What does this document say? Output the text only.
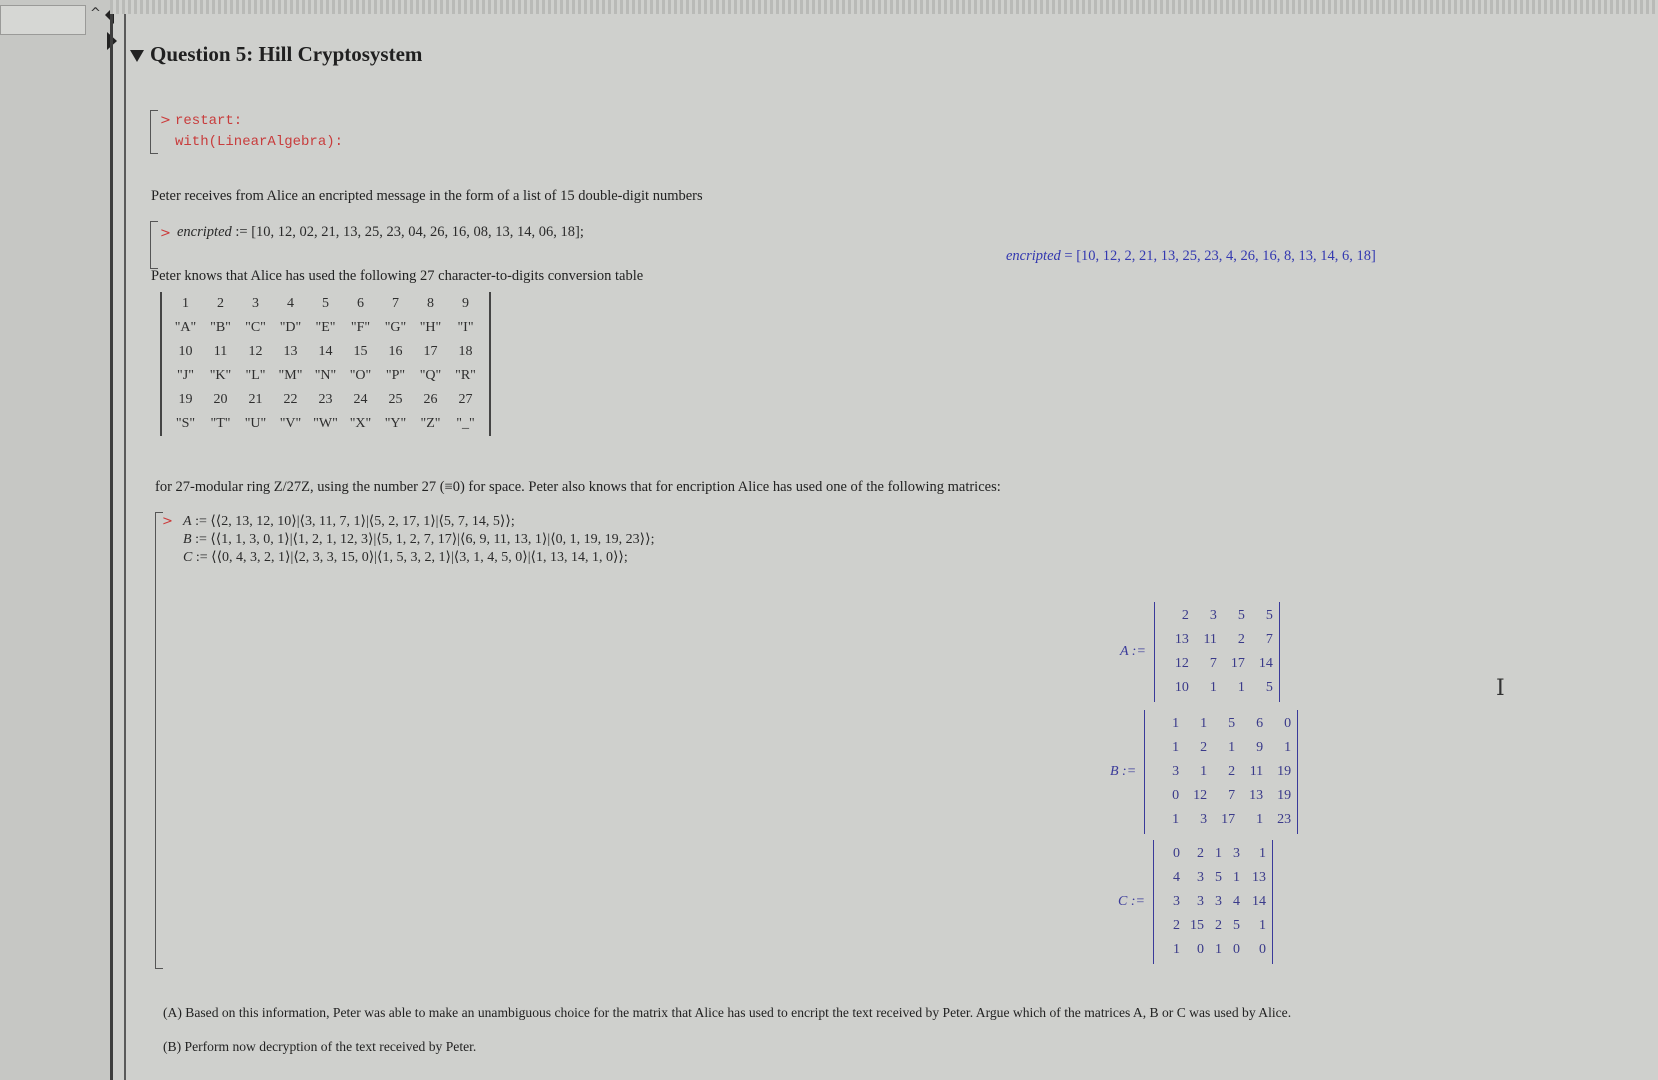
^
Question 5: Hill Cryptosystem
> restart:
with(LinearAlgebra):
Peter receives from Alice an encripted message in the form of a list of 15 double-digit numbers
> encripted := [10, 12, 02, 21, 13, 25, 23, 04, 26, 16, 08, 13, 14, 06, 18];
encripted = [10, 12, 2, 21, 13, 25, 23, 4, 26, 16, 8, 13, 14, 6, 18]
Peter knows that Alice has used the following 27 character-to-digits conversion table
1	2	3	4	5	6	7	8	9
"A" "B"	"C" "D"	"E"	"F"	"G" "H"	"I"
10	11	12	13	14	15	16	17	18
"J"	"K"	"L" "M" "N" "O"	"P"	"Q" "R"
19	20	21	22	23	24	25	26	27
"S"	"T"	"U" "V" "W" "X" "Y"	"Z"	"_"
for 27-modular ring Z/27Z, using the number 27 (≡0) for space. Peter also knows that for encription Alice has used one of the following matrices:
> A := ⟨⟨2, 13, 12, 10⟩|⟨3, 11, 7, 1⟩|⟨5, 2, 17, 1⟩|⟨5, 7, 14, 5⟩⟩;
B := ⟨⟨1, 1, 3, 0, 1⟩|⟨1, 2, 1, 12, 3⟩|⟨5, 1, 2, 7, 17⟩|⟨6, 9, 11, 13, 1⟩|⟨0, 1, 19, 19, 23⟩⟩;
C := ⟨⟨0, 4, 3, 2, 1⟩|⟨2, 3, 3, 15, 0⟩|⟨1, 5, 3, 2, 1⟩|⟨3, 1, 4, 5, 0⟩|⟨1, 13, 14, 1, 0⟩⟩;
A :=
2	3	5	5
13	11	2	7
12	7	17	14
10	1	1	5
B :=
1	1	5	6	0
1	2	1	9	1
3	1	2	11	19
0	12	7	13	19
1	3	17	1	23
C :=
0	2 1 3	1
4	3 5 1 13
3	3 3 4 14
2 15 2 5	1
1	0 1 0	0
I
(A) Based on this information, Peter was able to make an unambiguous choice for the matrix that Alice has used to encript the text received by Peter. Argue which of the matrices A, B or C was used by Alice.
(B) Perform now decryption of the text received by Peter.
